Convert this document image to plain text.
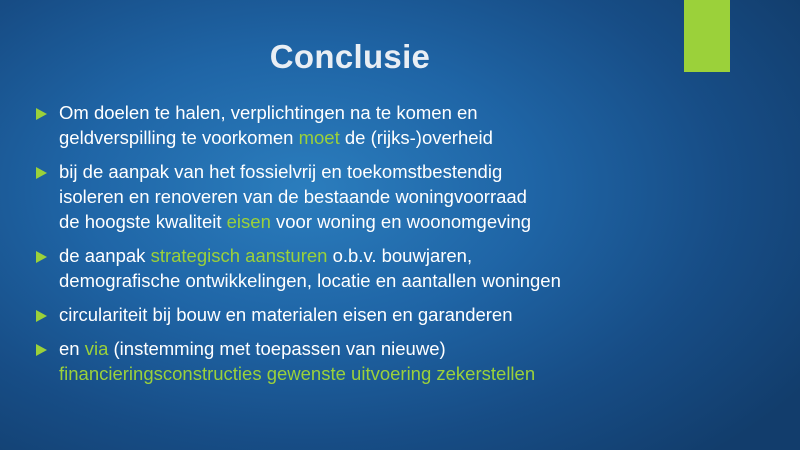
Conclusie
Om doelen te halen, verplichtingen na te komen en
geldverspilling te voorkomen moet de (rijks-)overheid
bij de aanpak van het fossielvrij en toekomstbestendig
isoleren en renoveren van de bestaande woningvoorraad
de hoogste kwaliteit eisen voor woning en woonomgeving
de aanpak strategisch aansturen o.b.v. bouwjaren,
demografische ontwikkelingen, locatie en aantallen woningen
circulariteit bij bouw en materialen eisen en garanderen
en via (instemming met toepassen van nieuwe)
financieringsconstructies gewenste uitvoering zekerstellen
